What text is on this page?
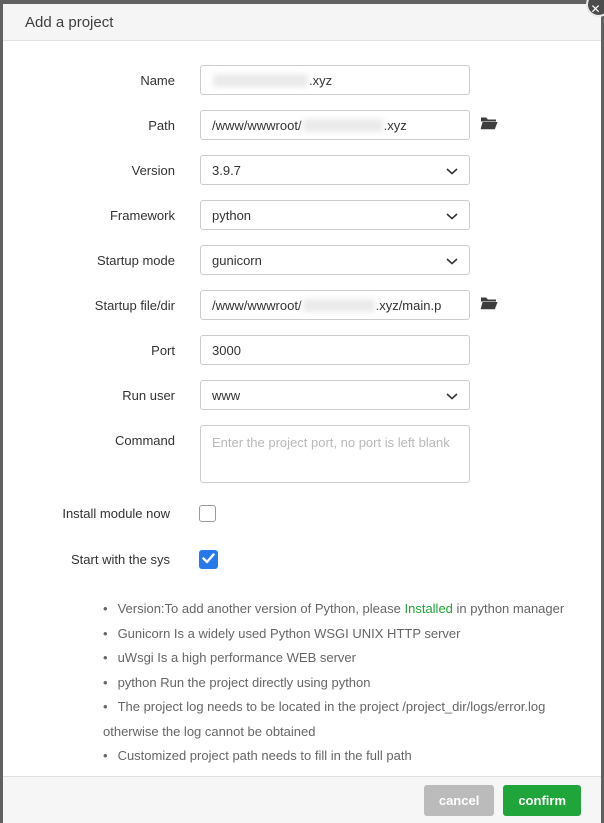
✕
Add a project
Name	.xyz
Path	/www/wwwroot/	.xyz
Version	3.9.7
Framework	python
Startup mode	gunicorn
Startup file/dir	/www/wwwroot/	.xyz/main.p
Port	3000
Run user	www
Command	Enter the project port, no port is left blank
Install module now
Start with the sys
• Version:To add another version of Python, please Installed in python manager
• Gunicorn Is a widely used Python WSGI UNIX HTTP server
• uWsgi Is a high performance WEB server
• python Run the project directly using python
• The project log needs to be located in the project /project_dir/logs/error.log otherwise the log cannot be obtained
• Customized project path needs to fill in the full path
cancel	confirm
